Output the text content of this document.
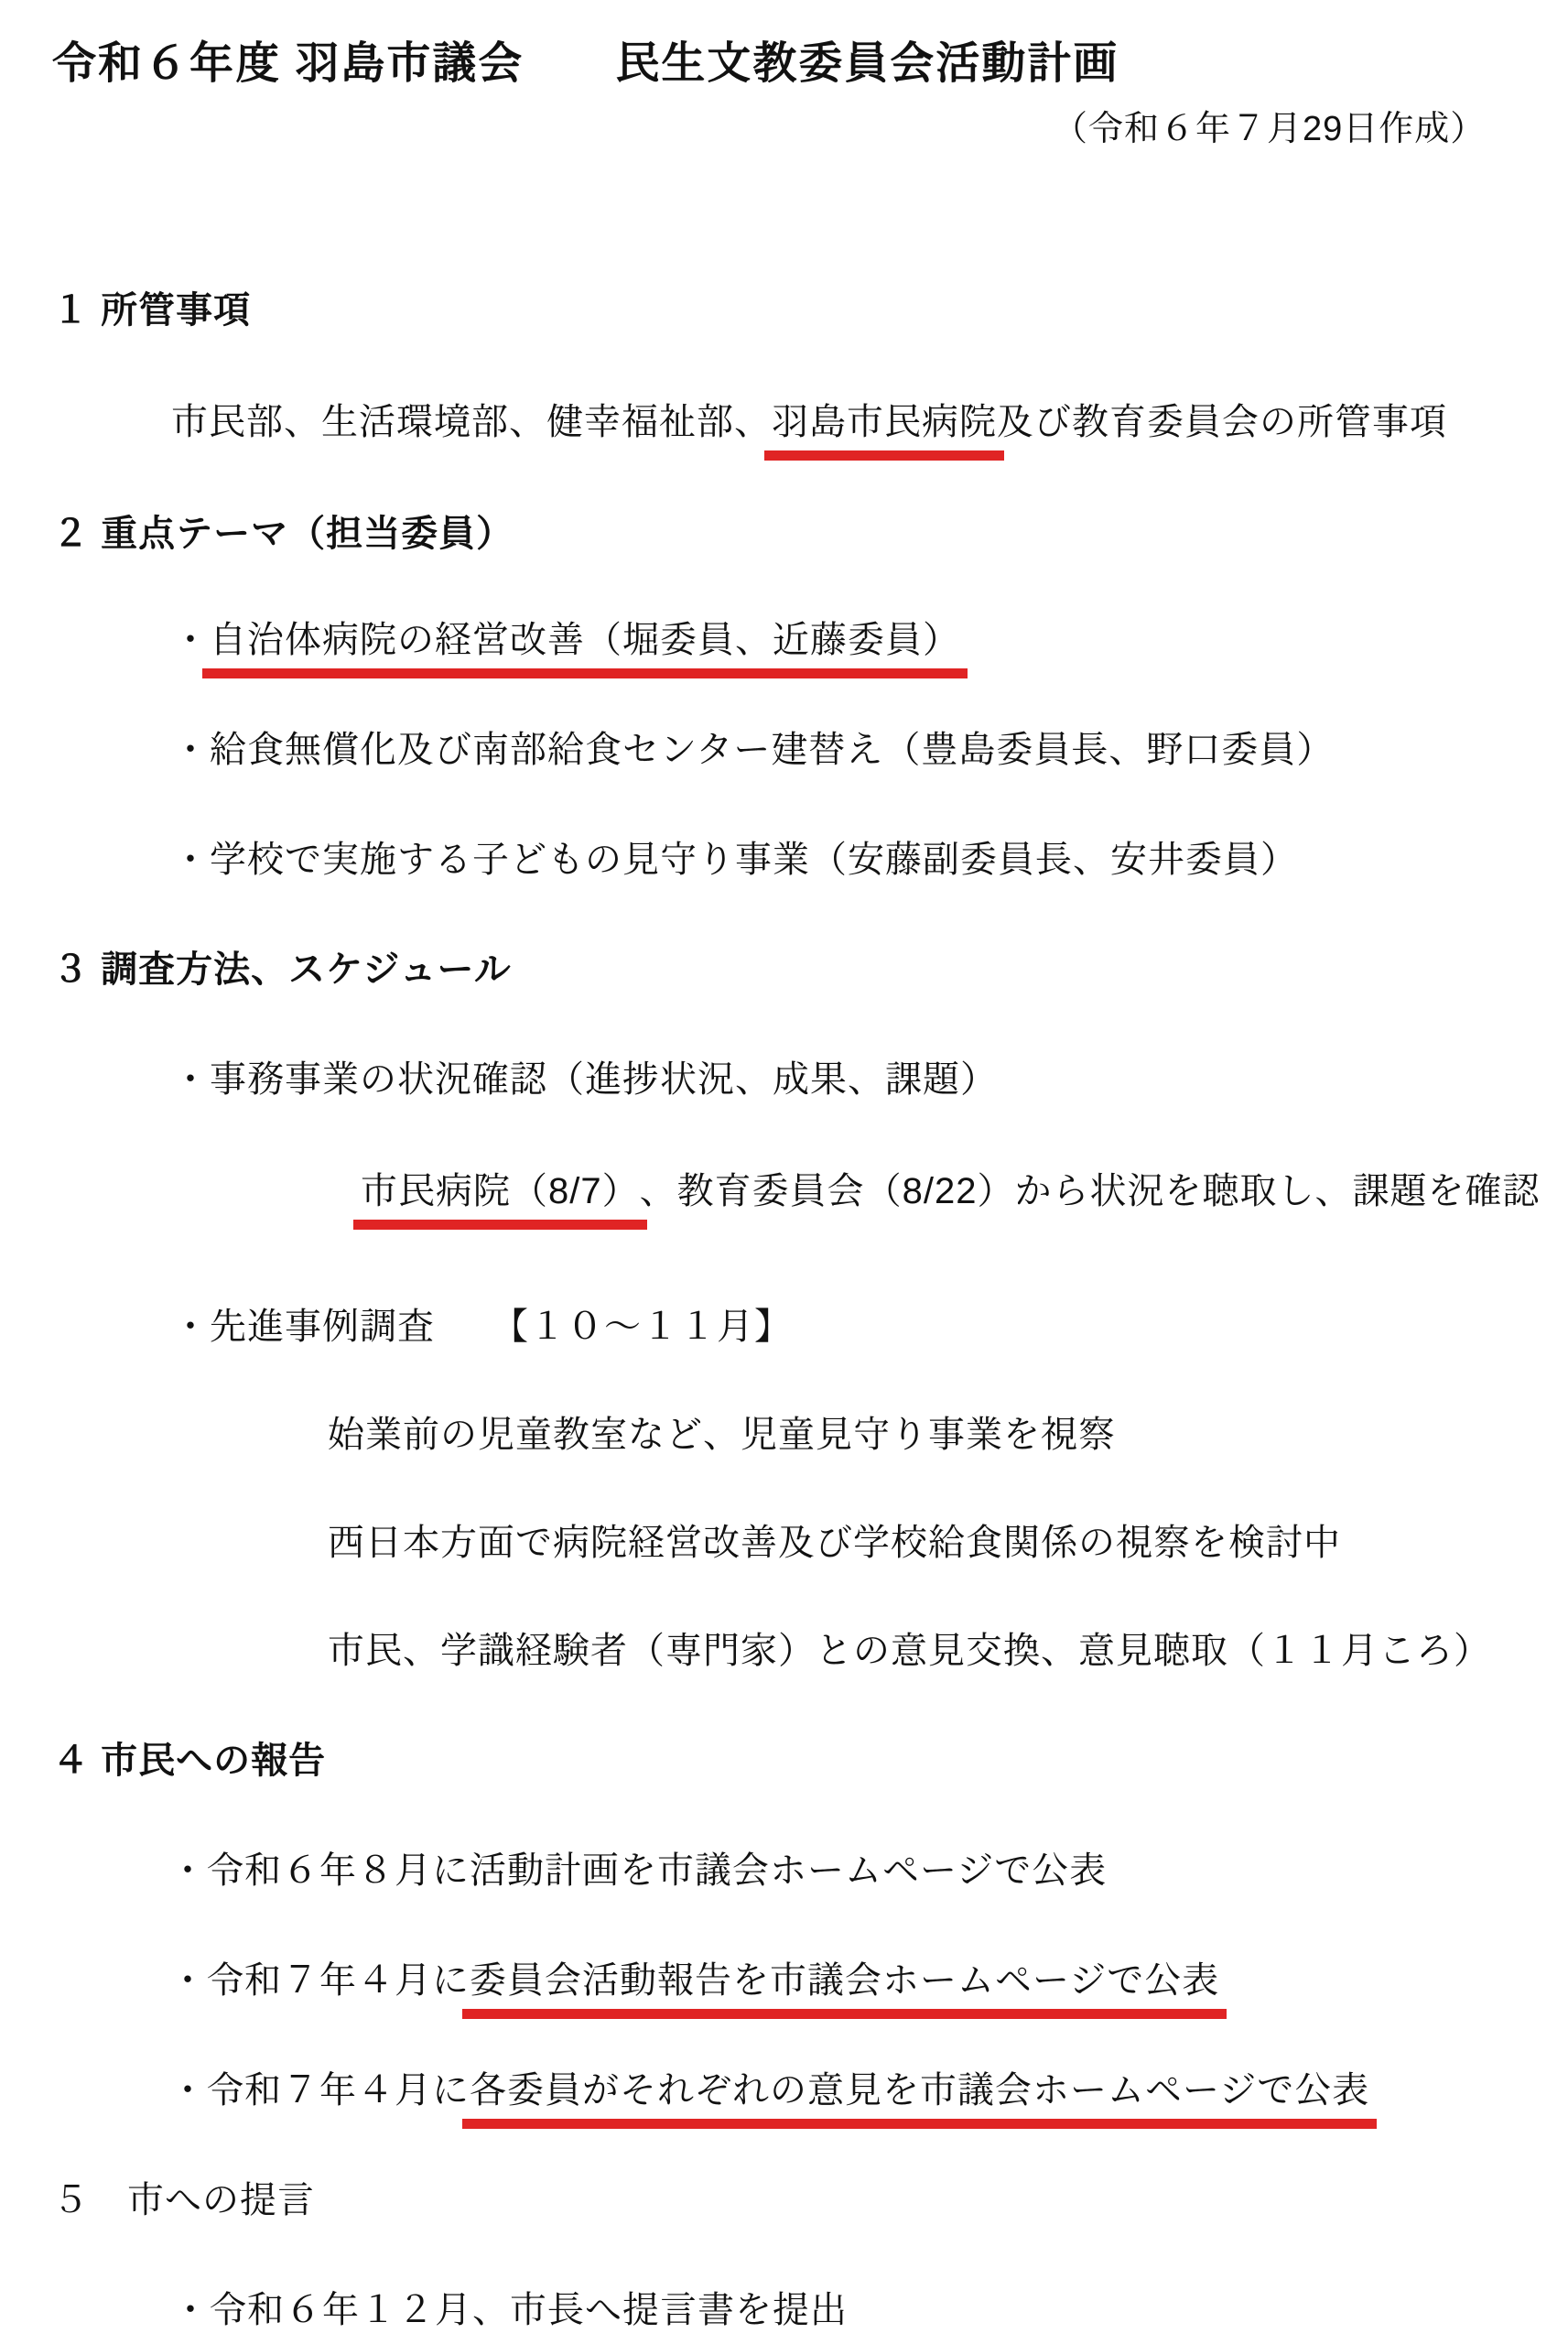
令和６年度 羽島市議会　　民生文教委員会活動計画
（令和６年７月29日作成）
１ 所管事項
市民部、生活環境部、健幸福祉部、羽島市民病院及び教育委員会の所管事項
２ 重点テーマ（担当委員）
・自治体病院の経営改善（堀委員、近藤委員）
・給食無償化及び南部給食センター建替え（豊島委員長、野口委員）
・学校で実施する子どもの見守り事業（安藤副委員長、安井委員）
３ 調査方法、スケジュール
・事務事業の状況確認（進捗状況、成果、課題）
市民病院（8/7）、教育委員会（8/22）から状況を聴取し、課題を確認
・先進事例調査　　【１０～１１月】
始業前の児童教室など、児童見守り事業を視察
西日本方面で病院経営改善及び学校給食関係の視察を検討中
市民、学識経験者（専門家）との意見交換、意見聴取（１１月ころ）
４ 市民への報告
・令和６年８月に活動計画を市議会ホームページで公表
・令和７年４月に委員会活動報告を市議会ホームページで公表
・令和７年４月に各委員がそれぞれの意見を市議会ホームページで公表
５　市への提言
・令和６年１２月、市長へ提言書を提出
